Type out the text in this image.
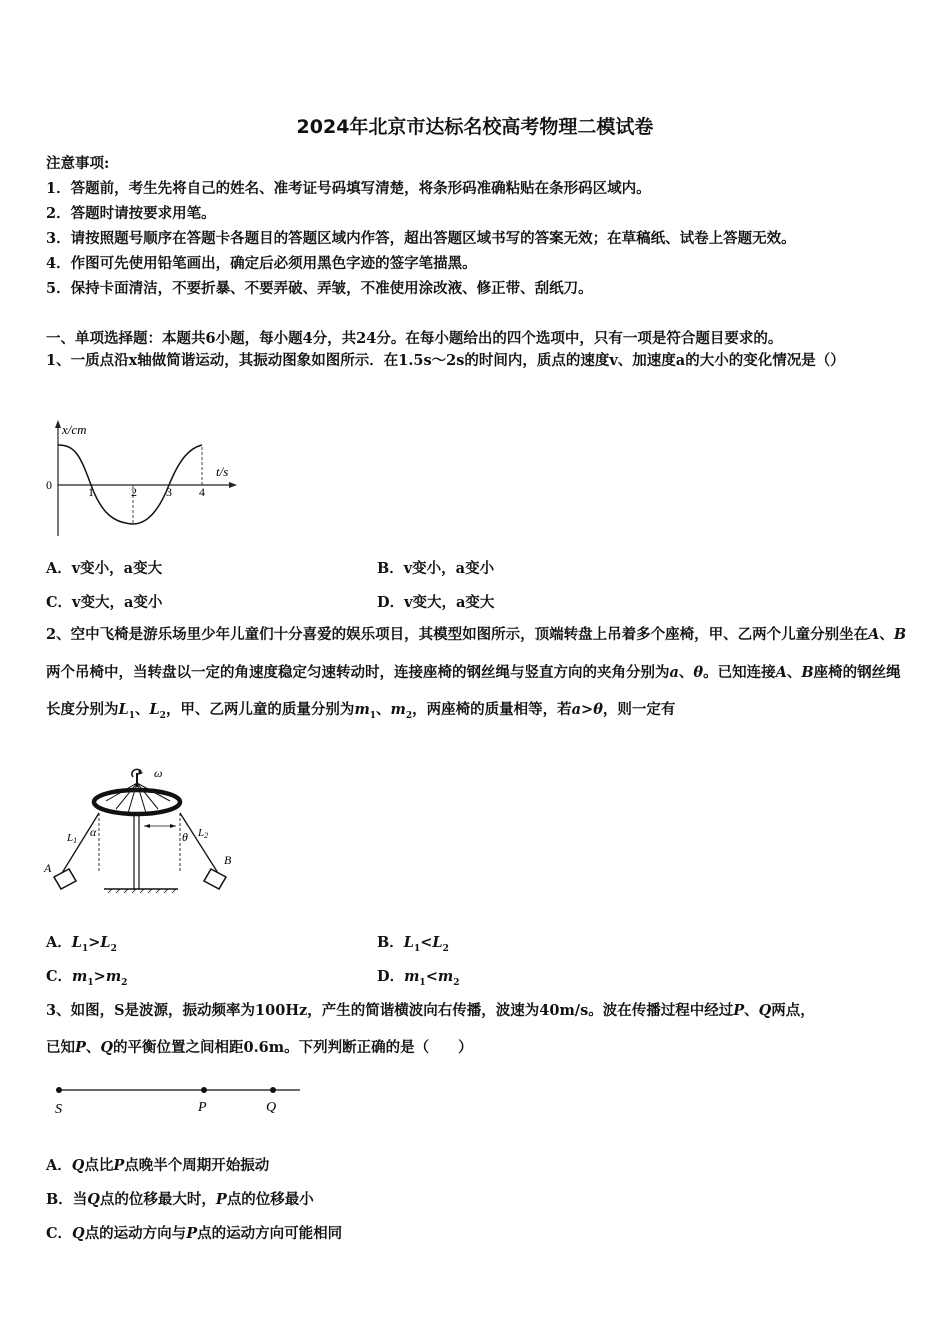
2024年北京市达标名校高考物理二模试卷
注意事项:
1．答题前，考生先将自己的姓名、准考证号码填写清楚，将条形码准确粘贴在条形码区域内。
2．答题时请按要求用笔。
3．请按照题号顺序在答题卡各题目的答题区域内作答，超出答题区域书写的答案无效；在草稿纸、试卷上答题无效。
4．作图可先使用铅笔画出，确定后必须用黑色字迹的签字笔描黑。
5．保持卡面清洁，不要折暴、不要弄破、弄皱，不准使用涂改液、修正带、刮纸刀。
一、单项选择题：本题共6小题，每小题4分，共24分。在每小题给出的四个选项中，只有一项是符合题目要求的。
1、一质点沿x轴做简谐运动，其振动图象如图所示．在1.5s～2s的时间内，质点的速度v、加速度a的大小的变化情况是（）
x/cm
t/s
0	1	2 3 4
A．v变小，a变大	B．v变小，a变小
C．v变大，a变小	D．v变大，a变大
2、空中飞椅是游乐场里少年儿童们十分喜爱的娱乐项目，其模型如图所示，顶端转盘上吊着多个座椅，甲、乙两个儿童分别坐在A、B两个吊椅中，当转盘以一定的角速度稳定匀速转动时，连接座椅的钢丝绳与竖直方向的夹角分别为a、θ。已知连接A、B座椅的钢丝绳长度分别为$L_1$、$L_2$，甲、乙两儿童的质量分别为$m_1$、$m_2$，两座椅的质量相等，若a>θ，则一定有
ω
α	θ
L1
L2
A
B
A．$L_1>L_2$	B．$L_1<L_2$
C．$m_1>m_2$	D．$m_1<m_2$
3、如图，S是波源，振动频率为100Hz，产生的简谐横波向右传播，波速为40m/s。波在传播过程中经过P、Q两点，
已知P、Q的平衡位置之间相距0.6m。下列判断正确的是（　　）
S	P	Q
A．Q点比P点晚半个周期开始振动
B．当Q点的位移最大时，P点的位移最小
C．Q点的运动方向与P点的运动方向可能相同
